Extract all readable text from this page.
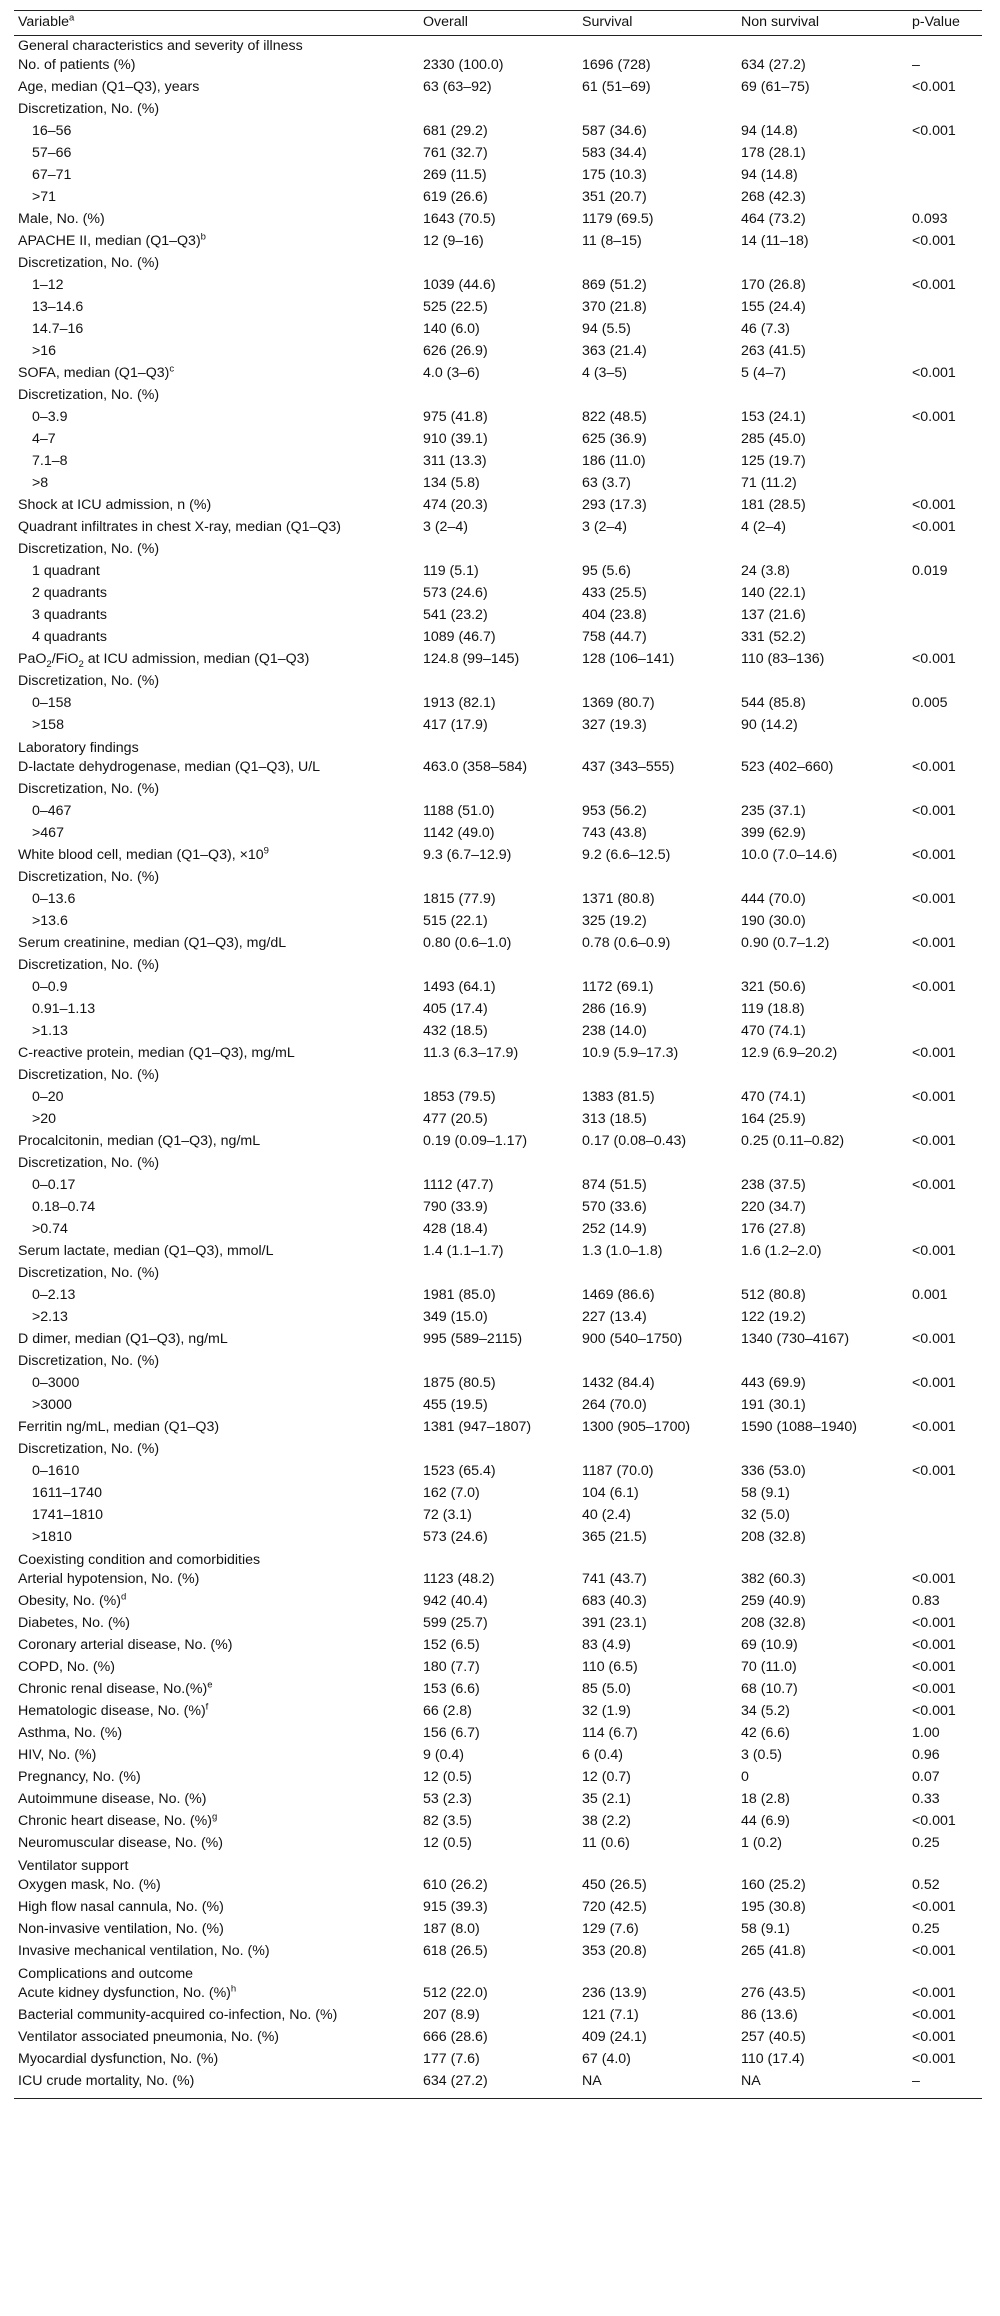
Variable$^a$	Overall	Survival	Non survival	p-Value
General characteristics and severity of illness				
No. of patients (%)	2330 (100.0)	1696 (728)	634 (27.2)	–
Age, median (Q1–Q3), years	63 (63–92)	61 (51–69)	69 (61–75)	<0.001
Discretization, No. (%)				
16–56	681 (29.2)	587 (34.6)	94 (14.8)	<0.001
57–66	761 (32.7)	583 (34.4)	178 (28.1)	
67–71	269 (11.5)	175 (10.3)	94 (14.8)	
>71	619 (26.6)	351 (20.7)	268 (42.3)	
Male, No. (%)	1643 (70.5)	1179 (69.5)	464 (73.2)	0.093
APACHE II, median $(Q1-Q3)^b$	12 (9–16)	11 (8–15)	14 (11–18)	<0.001
Discretization, No. (%)				
1–12	1039 (44.6)	869 (51.2)	170 (26.8)	<0.001
13–14.6	525 (22.5)	370 (21.8)	155 (24.4)	
14.7–16	140 (6.0)	94 (5.5)	46 (7.3)	
>16	626 (26.9)	363 (21.4)	263 (41.5)	
SOFA, median $(Q1-Q3)^c$	4.0 (3–6)	4 (3–5)	5 (4–7)	<0.001
Discretization, No. (%)				
0–3.9	975 (41.8)	822 (48.5)	153 (24.1)	<0.001
4–7	910 (39.1)	625 (36.9)	285 (45.0)	
7.1–8	311 (13.3)	186 (11.0)	125 (19.7)	
>8	134 (5.8)	63 (3.7)	71 (11.2)	
Shock at ICU admission, n (%)	474 (20.3)	293 (17.3)	181 (28.5)	<0.001
Quadrant infiltrates in chest X-ray, median (Q1–Q3)	3 (2–4)	3 (2–4)	4 (2–4)	<0.001
Discretization, No. (%)				
1 quadrant	119 (5.1)	95 (5.6)	24 (3.8)	0.019
2 quadrants	573 (24.6)	433 (25.5)	140 (22.1)	
3 quadrants	541 (23.2)	404 (23.8)	137 (21.6)	
4 quadrants	1089 (46.7)	758 (44.7)	331 (52.2)	
PaO$_2$/FiO$_2$ at ICU admission, median (Q1–Q3)	124.8 (99–145)	128 (106–141)	110 (83–136)	<0.001
Discretization, No. (%)				
0–158	1913 (82.1)	1369 (80.7)	544 (85.8)	0.005
>158	417 (17.9)	327 (19.3)	90 (14.2)	
Laboratory findings				
D-lactate dehydrogenase, median (Q1–Q3), U/L	463.0 (358–584)	437 (343–555)	523 (402–660)	<0.001
Discretization, No. (%)				
0–467	1188 (51.0)	953 (56.2)	235 (37.1)	<0.001
>467	1142 (49.0)	743 (43.8)	399 (62.9)	
White blood cell, median (Q1–Q3), $\times 10^9$	9.3 (6.7–12.9)	9.2 (6.6–12.5)	10.0 (7.0–14.6)	<0.001
Discretization, No. (%)				
0–13.6	1815 (77.9)	1371 (80.8)	444 (70.0)	<0.001
>13.6	515 (22.1)	325 (19.2)	190 (30.0)	
Serum creatinine, median (Q1–Q3), mg/dL	0.80 (0.6–1.0)	0.78 (0.6–0.9)	0.90 (0.7–1.2)	<0.001
Discretization, No. (%)				
0–0.9	1493 (64.1)	1172 (69.1)	321 (50.6)	<0.001
0.91–1.13	405 (17.4)	286 (16.9)	119 (18.8)	
>1.13	432 (18.5)	238 (14.0)	470 (74.1)	
C-reactive protein, median (Q1–Q3), mg/mL	11.3 (6.3–17.9)	10.9 (5.9–17.3)	12.9 (6.9–20.2)	<0.001
Discretization, No. (%)				
0–20	1853 (79.5)	1383 (81.5)	470 (74.1)	<0.001
>20	477 (20.5)	313 (18.5)	164 (25.9)	
Procalcitonin, median (Q1–Q3), ng/mL	0.19 (0.09–1.17)	0.17 (0.08–0.43)	0.25 (0.11–0.82)	<0.001
Discretization, No. (%)				
0–0.17	1112 (47.7)	874 (51.5)	238 (37.5)	<0.001
0.18–0.74	790 (33.9)	570 (33.6)	220 (34.7)	
>0.74	428 (18.4)	252 (14.9)	176 (27.8)	
Serum lactate, median (Q1–Q3), mmol/L	1.4 (1.1–1.7)	1.3 (1.0–1.8)	1.6 (1.2–2.0)	<0.001
Discretization, No. (%)				
0–2.13	1981 (85.0)	1469 (86.6)	512 (80.8)	0.001
>2.13	349 (15.0)	227 (13.4)	122 (19.2)	
D dimer, median (Q1–Q3), ng/mL	995 (589–2115)	900 (540–1750)	1340 (730–4167)	<0.001
Discretization, No. (%)				
0–3000	1875 (80.5)	1432 (84.4)	443 (69.9)	<0.001
>3000	455 (19.5)	264 (70.0)	191 (30.1)	
Ferritin ng/mL, median (Q1–Q3)	1381 (947–1807)	1300 (905–1700)	1590 (1088–1940)	<0.001
Discretization, No. (%)				
0–1610	1523 (65.4)	1187 (70.0)	336 (53.0)	<0.001
1611–1740	162 (7.0)	104 (6.1)	58 (9.1)	
1741–1810	72 (3.1)	40 (2.4)	32 (5.0)	
>1810	573 (24.6)	365 (21.5)	208 (32.8)	
Coexisting condition and comorbidities				
Arterial hypotension, No. (%)	1123 (48.2)	741 (43.7)	382 (60.3)	<0.001
Obesity, No. (%)$^d$	942 (40.4)	683 (40.3)	259 (40.9)	0.83
Diabetes, No. (%)	599 (25.7)	391 (23.1)	208 (32.8)	<0.001
Coronary arterial disease, No. (%)	152 (6.5)	83 (4.9)	69 (10.9)	<0.001
COPD, No. (%)	180 (7.7)	110 (6.5)	70 (11.0)	<0.001
Chronic renal disease, No.(%)$^e$	153 (6.6)	85 (5.0)	68 (10.7)	<0.001
Hematologic disease, No. (%)$^f$	66 (2.8)	32 (1.9)	34 (5.2)	<0.001
Asthma, No. (%)	156 (6.7)	114 (6.7)	42 (6.6)	1.00
HIV, No. (%)	9 (0.4)	6 (0.4)	3 (0.5)	0.96
Pregnancy, No. (%)	12 (0.5)	12 (0.7)	0	0.07
Autoimmune disease, No. (%)	53 (2.3)	35 (2.1)	18 (2.8)	0.33
Chronic heart disease, No. (%)$^g$	82 (3.5)	38 (2.2)	44 (6.9)	<0.001
Neuromuscular disease, No. (%)	12 (0.5)	11 (0.6)	1 (0.2)	0.25
Ventilator support				
Oxygen mask, No. (%)	610 (26.2)	450 (26.5)	160 (25.2)	0.52
High flow nasal cannula, No. (%)	915 (39.3)	720 (42.5)	195 (30.8)	<0.001
Non-invasive ventilation, No. (%)	187 (8.0)	129 (7.6)	58 (9.1)	0.25
Invasive mechanical ventilation, No. (%)	618 (26.5)	353 (20.8)	265 (41.8)	<0.001
Complications and outcome				
Acute kidney dysfunction, No. (%)$^h$	512 (22.0)	236 (13.9)	276 (43.5)	<0.001
Bacterial community-acquired co-infection, No. (%)	207 (8.9)	121 (7.1)	86 (13.6)	<0.001
Ventilator associated pneumonia, No. (%)	666 (28.6)	409 (24.1)	257 (40.5)	<0.001
Myocardial dysfunction, No. (%)	177 (7.6)	67 (4.0)	110 (17.4)	<0.001
ICU crude mortality, No. (%)	634 (27.2)	NA	NA	–
